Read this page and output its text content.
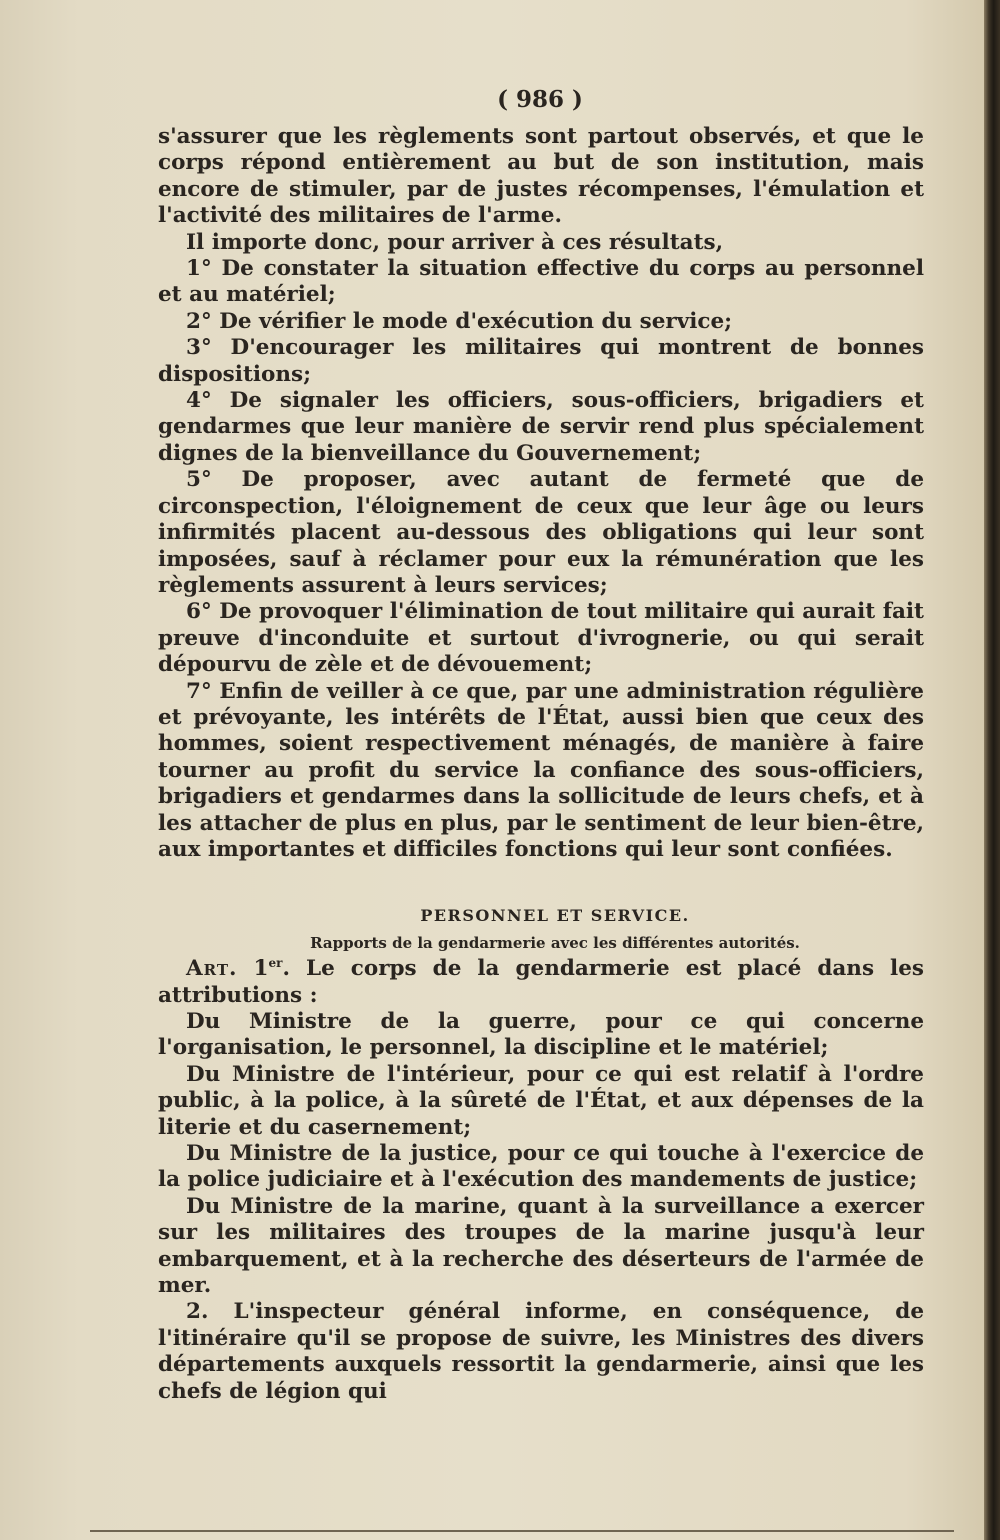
( 986 )

s'assurer que les règlements sont partout observés, et que le corps répond entièrement au but de son institution, mais encore de stimuler, par de justes récompenses, l'émulation et l'activité des militaires de l'arme.

Il importe donc, pour arriver à ces résultats,

1° De constater la situation effective du corps au personnel et au matériel;

2° De vérifier le mode d'exécution du service;

3° D'encourager les militaires qui montrent de bonnes dispositions;

4° De signaler les officiers, sous-officiers, brigadiers et gendarmes que leur manière de servir rend plus spécialement dignes de la bienveillance du Gouvernement;

5° De proposer, avec autant de fermeté que de circonspection, l'éloignement de ceux que leur âge ou leurs infirmités placent au-dessous des obligations qui leur sont imposées, sauf à réclamer pour eux la rémunération que les règlements assurent à leurs services;

6° De provoquer l'élimination de tout militaire qui aurait fait preuve d'inconduite et surtout d'ivrognerie, ou qui serait dépourvu de zèle et de dévouement;

7° Enfin de veiller à ce que, par une administration régulière et prévoyante, les intérêts de l'État, aussi bien que ceux des hommes, soient respectivement ménagés, de manière à faire tourner au profit du service la confiance des sous-officiers, brigadiers et gendarmes dans la sollicitude de leurs chefs, et à les attacher de plus en plus, par le sentiment de leur bien-être, aux importantes et difficiles fonctions qui leur sont confiées.

PERSONNEL ET SERVICE.

Rapports de la gendarmerie avec les différentes autorités.

Art. 1er. Le corps de la gendarmerie est placé dans les attributions :

Du Ministre de la guerre, pour ce qui concerne l'organisation, le personnel, la discipline et le matériel;

Du Ministre de l'intérieur, pour ce qui est relatif à l'ordre public, à la police, à la sûreté de l'État, et aux dépenses de la literie et du casernement;

Du Ministre de la justice, pour ce qui touche à l'exercice de la police judiciaire et à l'exécution des mandements de justice;

Du Ministre de la marine, quant à la surveillance a exercer sur les militaires des troupes de la marine jusqu'à leur embarquement, et à la recherche des déserteurs de l'armée de mer.

2. L'inspecteur général informe, en conséquence, de l'itinéraire qu'il se propose de suivre, les Ministres des divers départements auxquels ressortit la gendarmerie, ainsi que les chefs de légion qui
